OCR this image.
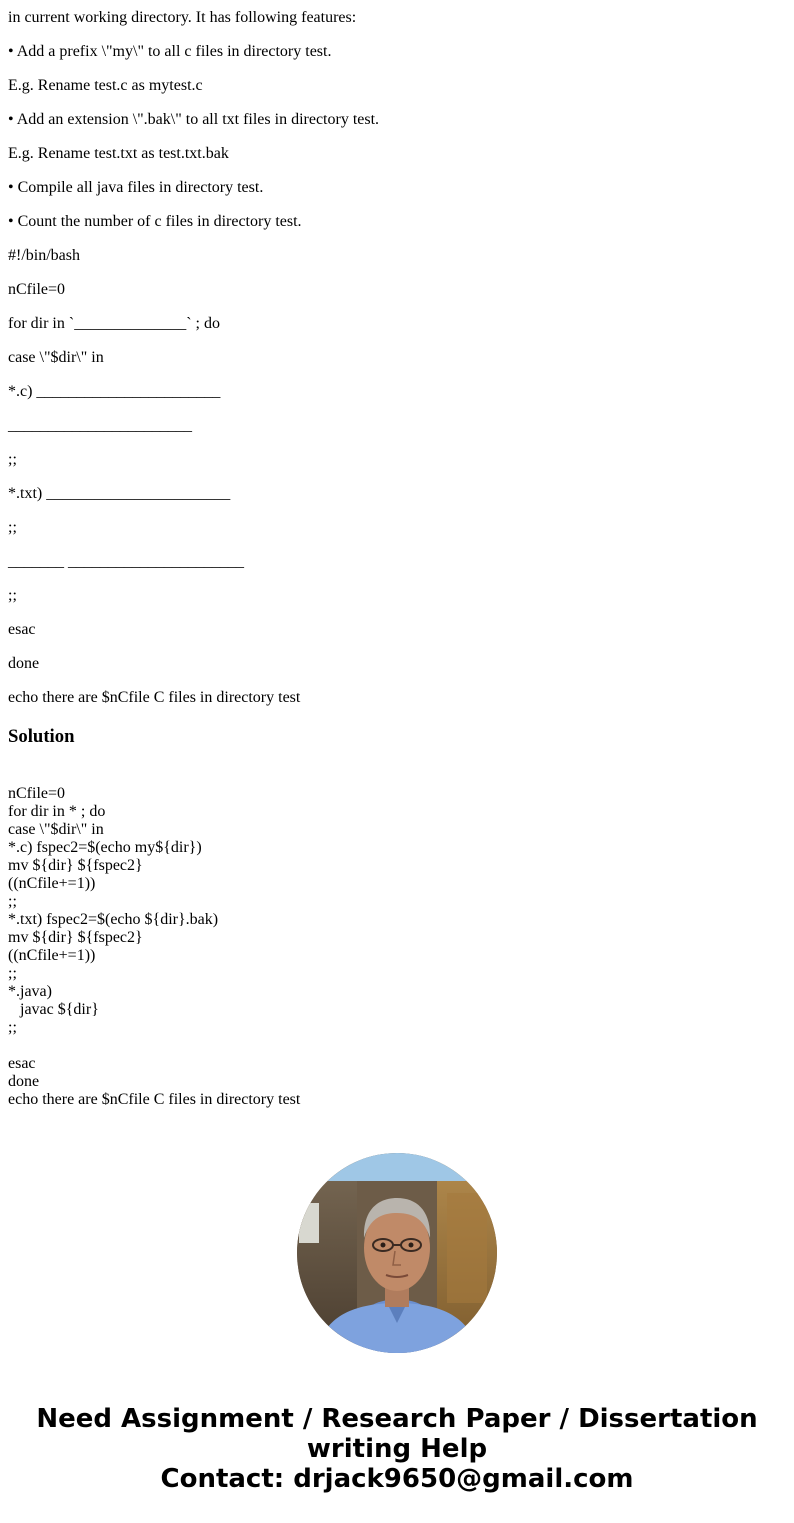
in current working directory. It has following features:

• Add a prefix \"my\" to all c files in directory test.

E.g. Rename test.c as mytest.c

• Add an extension \".bak\" to all txt files in directory test.

E.g. Rename test.txt as test.txt.bak

• Compile all java files in directory test.

• Count the number of c files in directory test.

#!/bin/bash

nCfile=0

for dir in `______________` ; do

case \"$dir\" in

*.c) _______________________

_______________________

;;

*.txt) _______________________

;;

_______ ______________________

;;

esac

done

echo there are $nCfile C files in directory test

Solution
nCfile=0
for dir in * ; do
case \"$dir\" in
*.c) fspec2=$(echo my${dir})
mv ${dir} ${fspec2}
((nCfile+=1))
;;
*.txt) fspec2=$(echo ${dir}.bak)
mv ${dir} ${fspec2}
((nCfile+=1))
;;
*.java)
javac ${dir}
;;
esac
done
echo there are $nCfile C files in directory test
Need Assignment / Research Paper / Dissertation
writing Help
Contact: drjack9650@gmail.com
